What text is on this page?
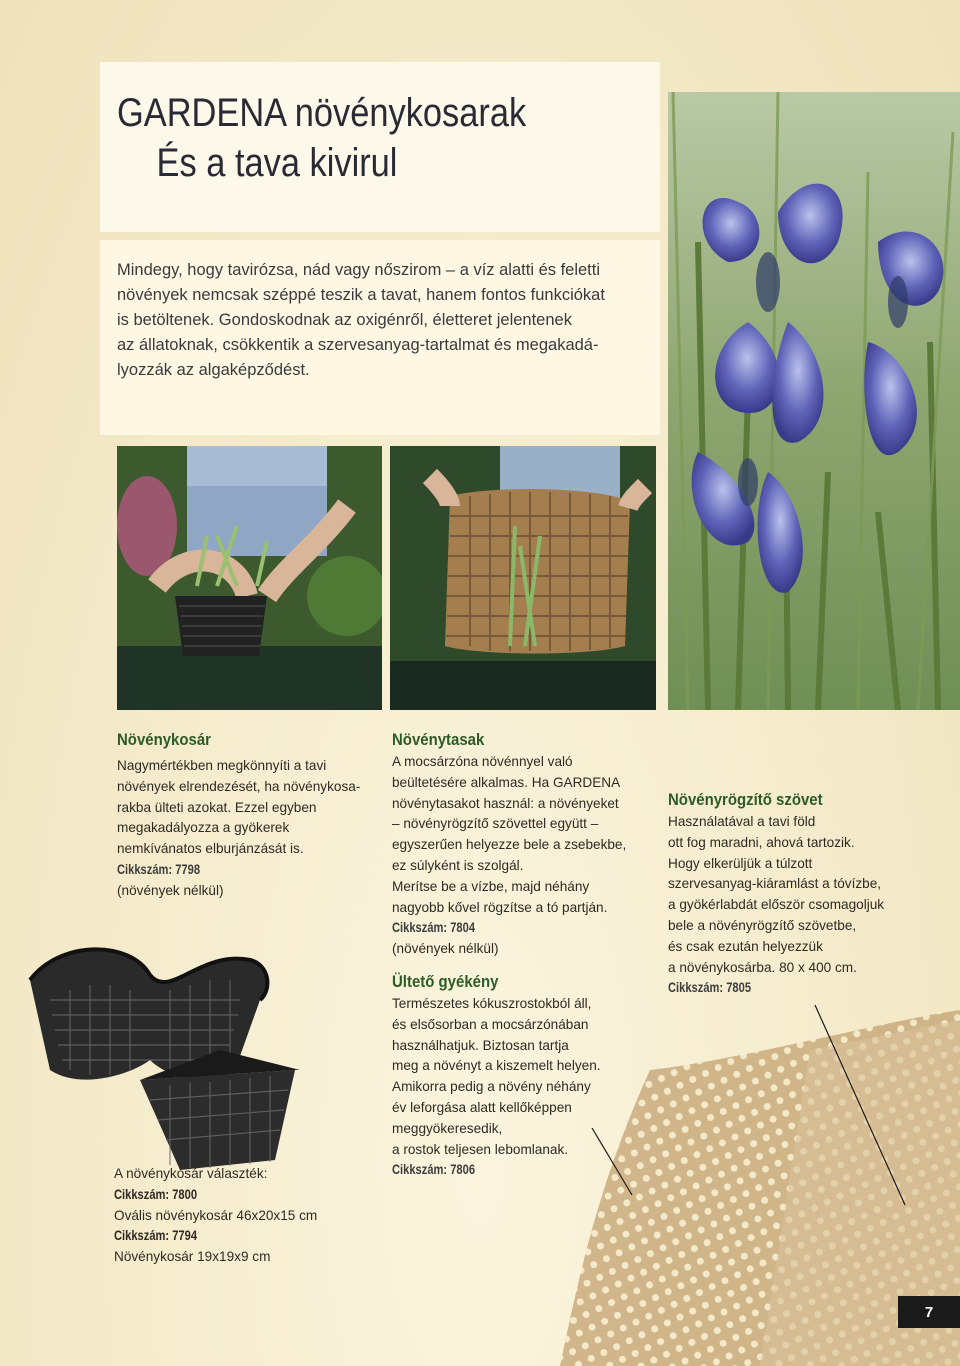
GARDENA növénykosarak
És a tava kivirul

Mindegy, hogy tavirózsa, nád vagy nőszirom – a víz alatti és feletti
növények nemcsak széppé teszik a tavat, hanem fontos funkciókat
is betöltenek. Gondoskodnak az oxigénről, életteret jelentenek
az állatoknak, csökkentik a szervesanyag-tartalmat és megakadá-
lyozzák az algaképződést.

Növénykosár

Nagymértékben megkönnyíti a tavi
növények elrendezését, ha növénykosa-
rakba ülteti azokat. Ezzel egyben
megakadályozza a gyökerek
nemkívánatos elburjánzását is.
Cikkszám: 7798
(növények nélkül)

A növénykosár választék:
Cikkszám: 7800
Ovális növénykosár 46x20x15 cm
Cikkszám: 7794
Növénykosár 19x19x9 cm

Növénytasak

A mocsárzóna növénnyel való
beültetésére alkalmas. Ha GARDENA
növénytasakot használ: a növényeket
– növényrögzítő szövettel együtt –
egyszerűen helyezze bele a zsebekbe,
ez súlyként is szolgál.
Merítse be a vízbe, majd néhány
nagyobb kővel rögzítse a tó partján.
Cikkszám: 7804
(növények nélkül)

Ültető gyékény

Természetes kókuszrostokból áll,
és elsősorban a mocsárzónában
használhatjuk. Biztosan tartja
meg a növényt a kiszemelt helyen.
Amikorra pedig a növény néhány
év leforgása alatt kellőképpen
meggyökeresedik,
a rostok teljesen lebomlanak.
Cikkszám: 7806

Növényrögzítő szövet

Használatával a tavi föld
ott fog maradni, ahová tartozik.
Hogy elkerüljük a túlzott
szervesanyag-kiáramlást a tóvízbe,
a gyökérlabdát először csomagoljuk
bele a növényrögzítő szövetbe,
és csak ezután helyezzük
a növénykosárba. 80 x 400 cm.
Cikkszám: 7805

7
